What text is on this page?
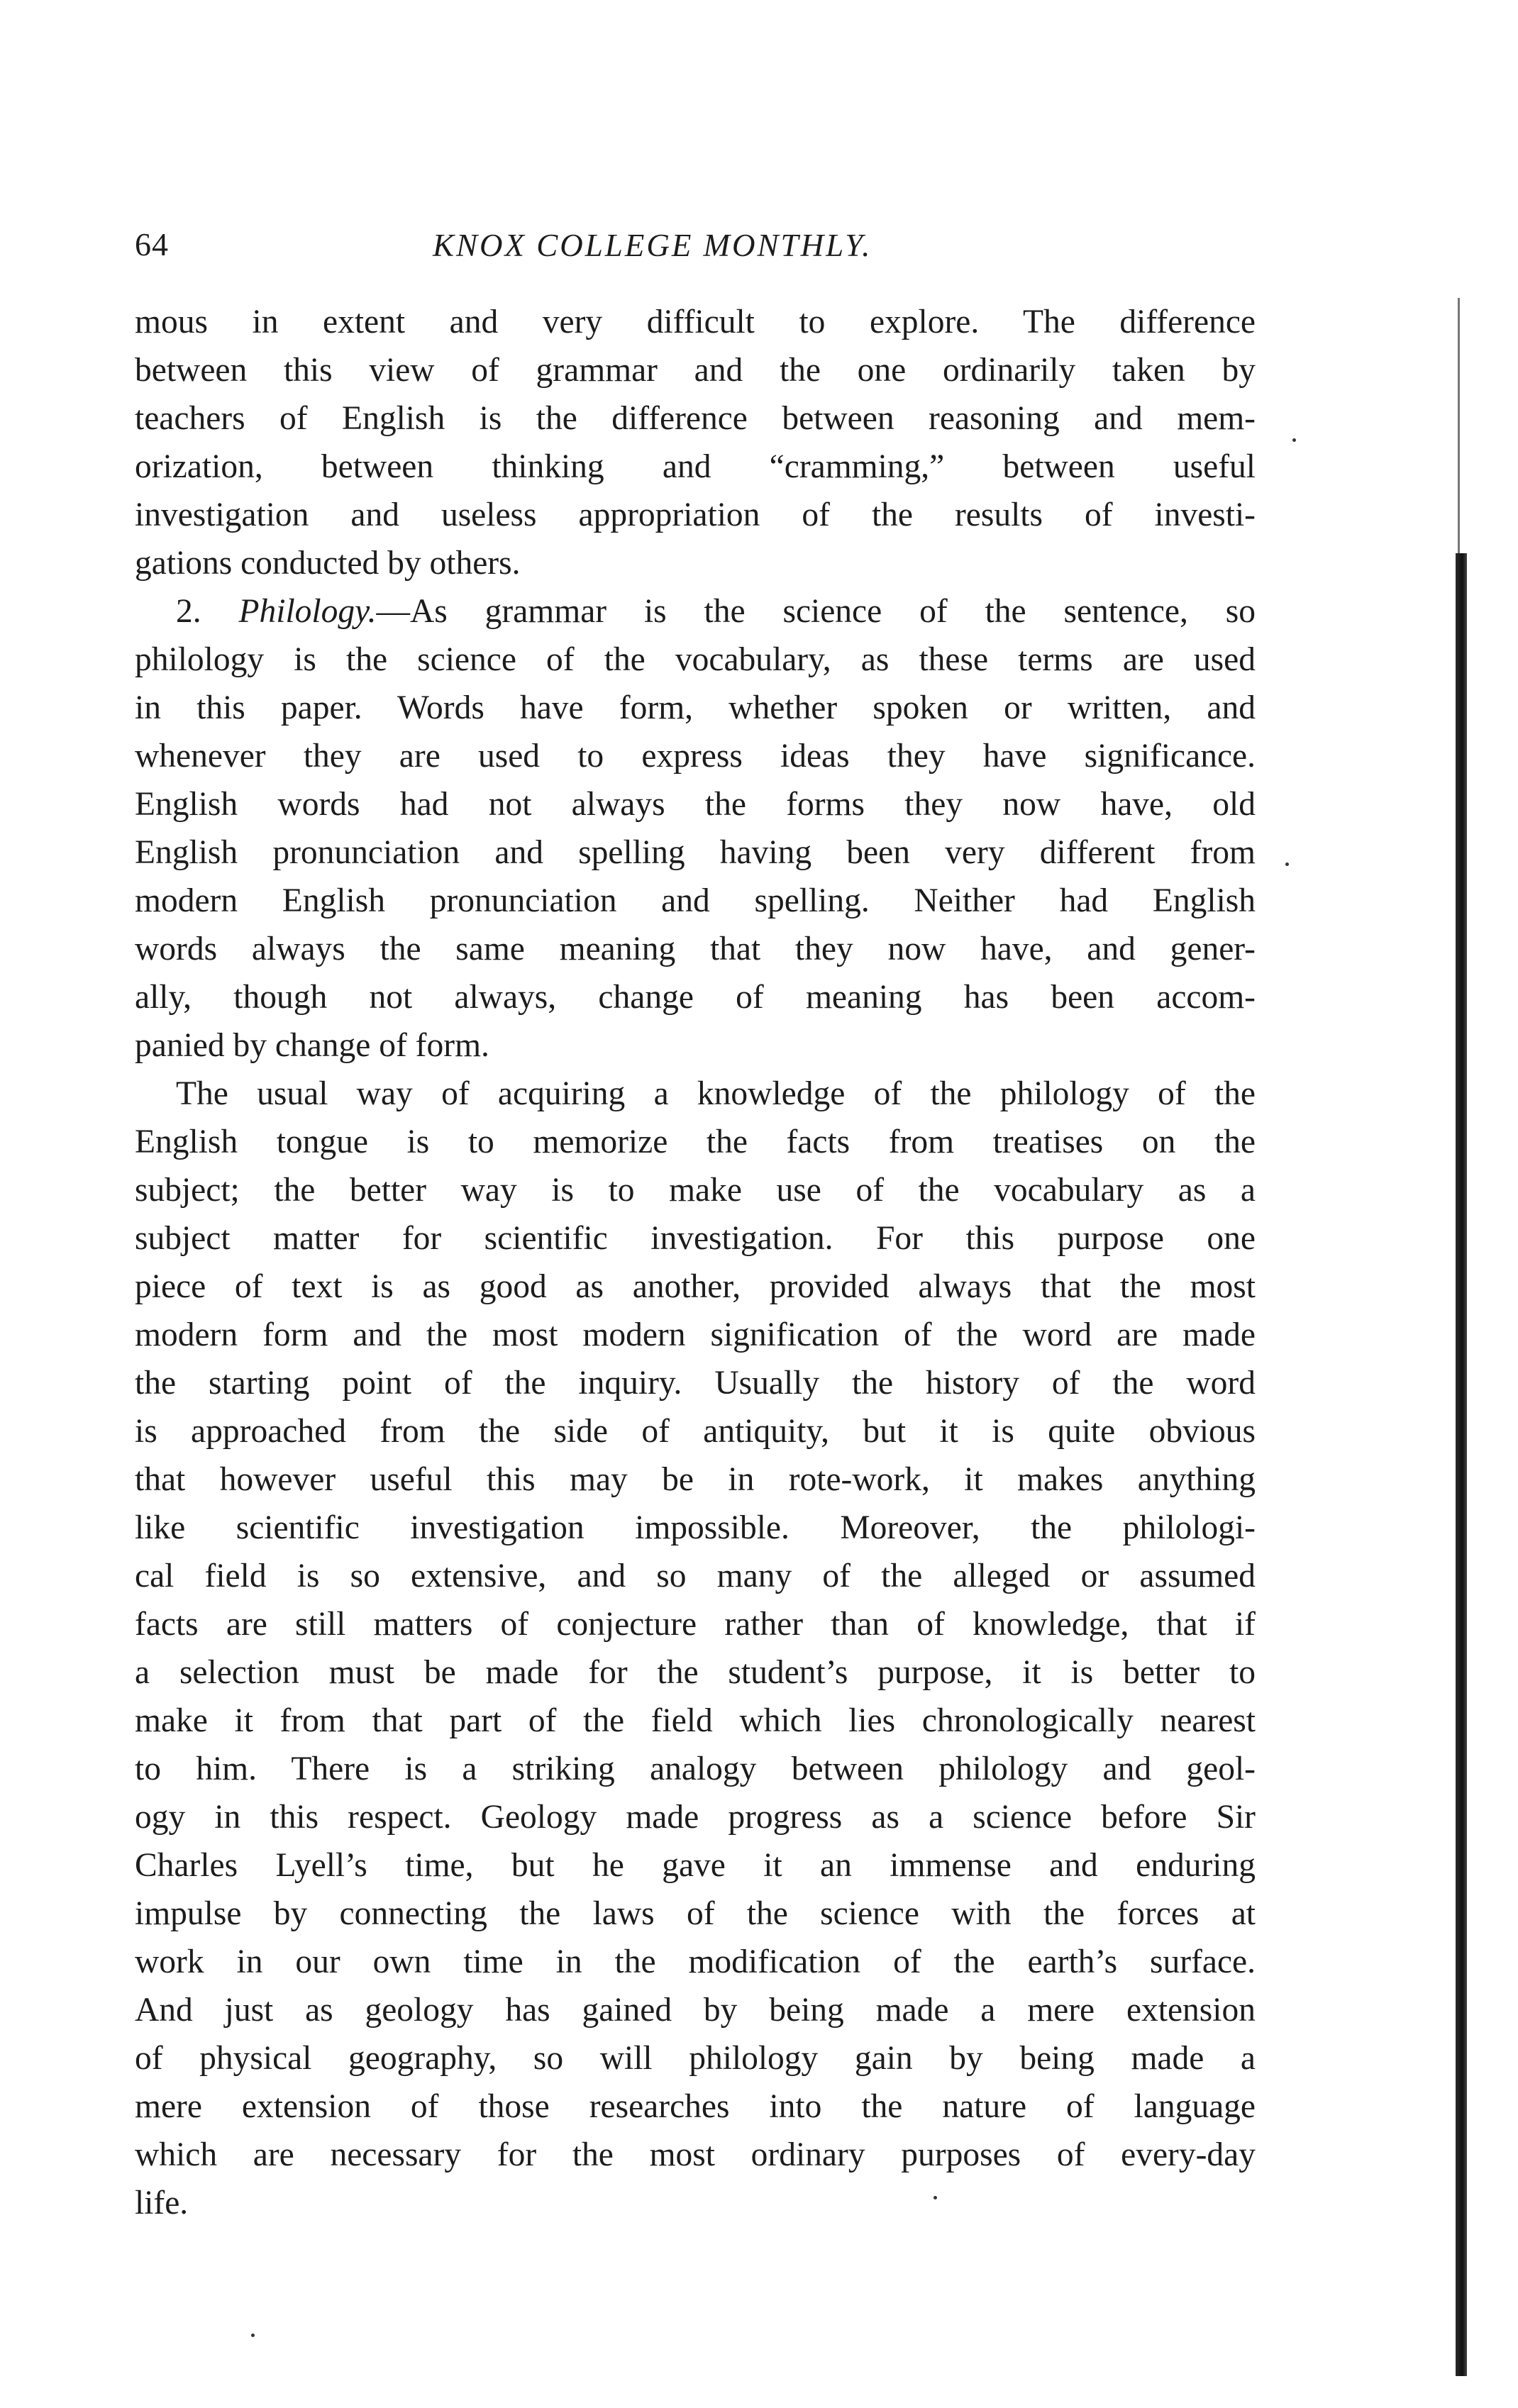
64	KNOX COLLEGE MONTHLY.
mous in extent and very difficult to explore. The difference
between this view of grammar and the one ordinarily taken by
teachers of English is the difference between reasoning and mem-
orization, between thinking and “cramming,” between useful
investigation and useless appropriation of the results of investi-
gations conducted by others.
2. Philology.—As grammar is the science of the sentence, so
philology is the science of the vocabulary, as these terms are used
in this paper. Words have form, whether spoken or written, and
whenever they are used to express ideas they have significance.
English words had not always the forms they now have, old
English pronunciation and spelling having been very different from
modern English pronunciation and spelling. Neither had English
words always the same meaning that they now have, and gener-
ally, though not always, change of meaning has been accom-
panied by change of form.
The usual way of acquiring a knowledge of the philology of the
English tongue is to memorize the facts from treatises on the
subject; the better way is to make use of the vocabulary as a
subject matter for scientific investigation. For this purpose one
piece of text is as good as another, provided always that the most
modern form and the most modern signification of the word are made
the starting point of the inquiry. Usually the history of the word
is approached from the side of antiquity, but it is quite obvious
that however useful this may be in rote-work, it makes anything
like scientific investigation impossible. Moreover, the philologi-
cal field is so extensive, and so many of the alleged or assumed
facts are still matters of conjecture rather than of knowledge, that if
a selection must be made for the student’s purpose, it is better to
make it from that part of the field which lies chronologically nearest
to him. There is a striking analogy between philology and geol-
ogy in this respect. Geology made progress as a science before Sir
Charles Lyell’s time, but he gave it an immense and enduring
impulse by connecting the laws of the science with the forces at
work in our own time in the modification of the earth’s surface.
And just as geology has gained by being made a mere extension
of physical geography, so will philology gain by being made a
mere extension of those researches into the nature of language
which are necessary for the most ordinary purposes of every-day
life.
